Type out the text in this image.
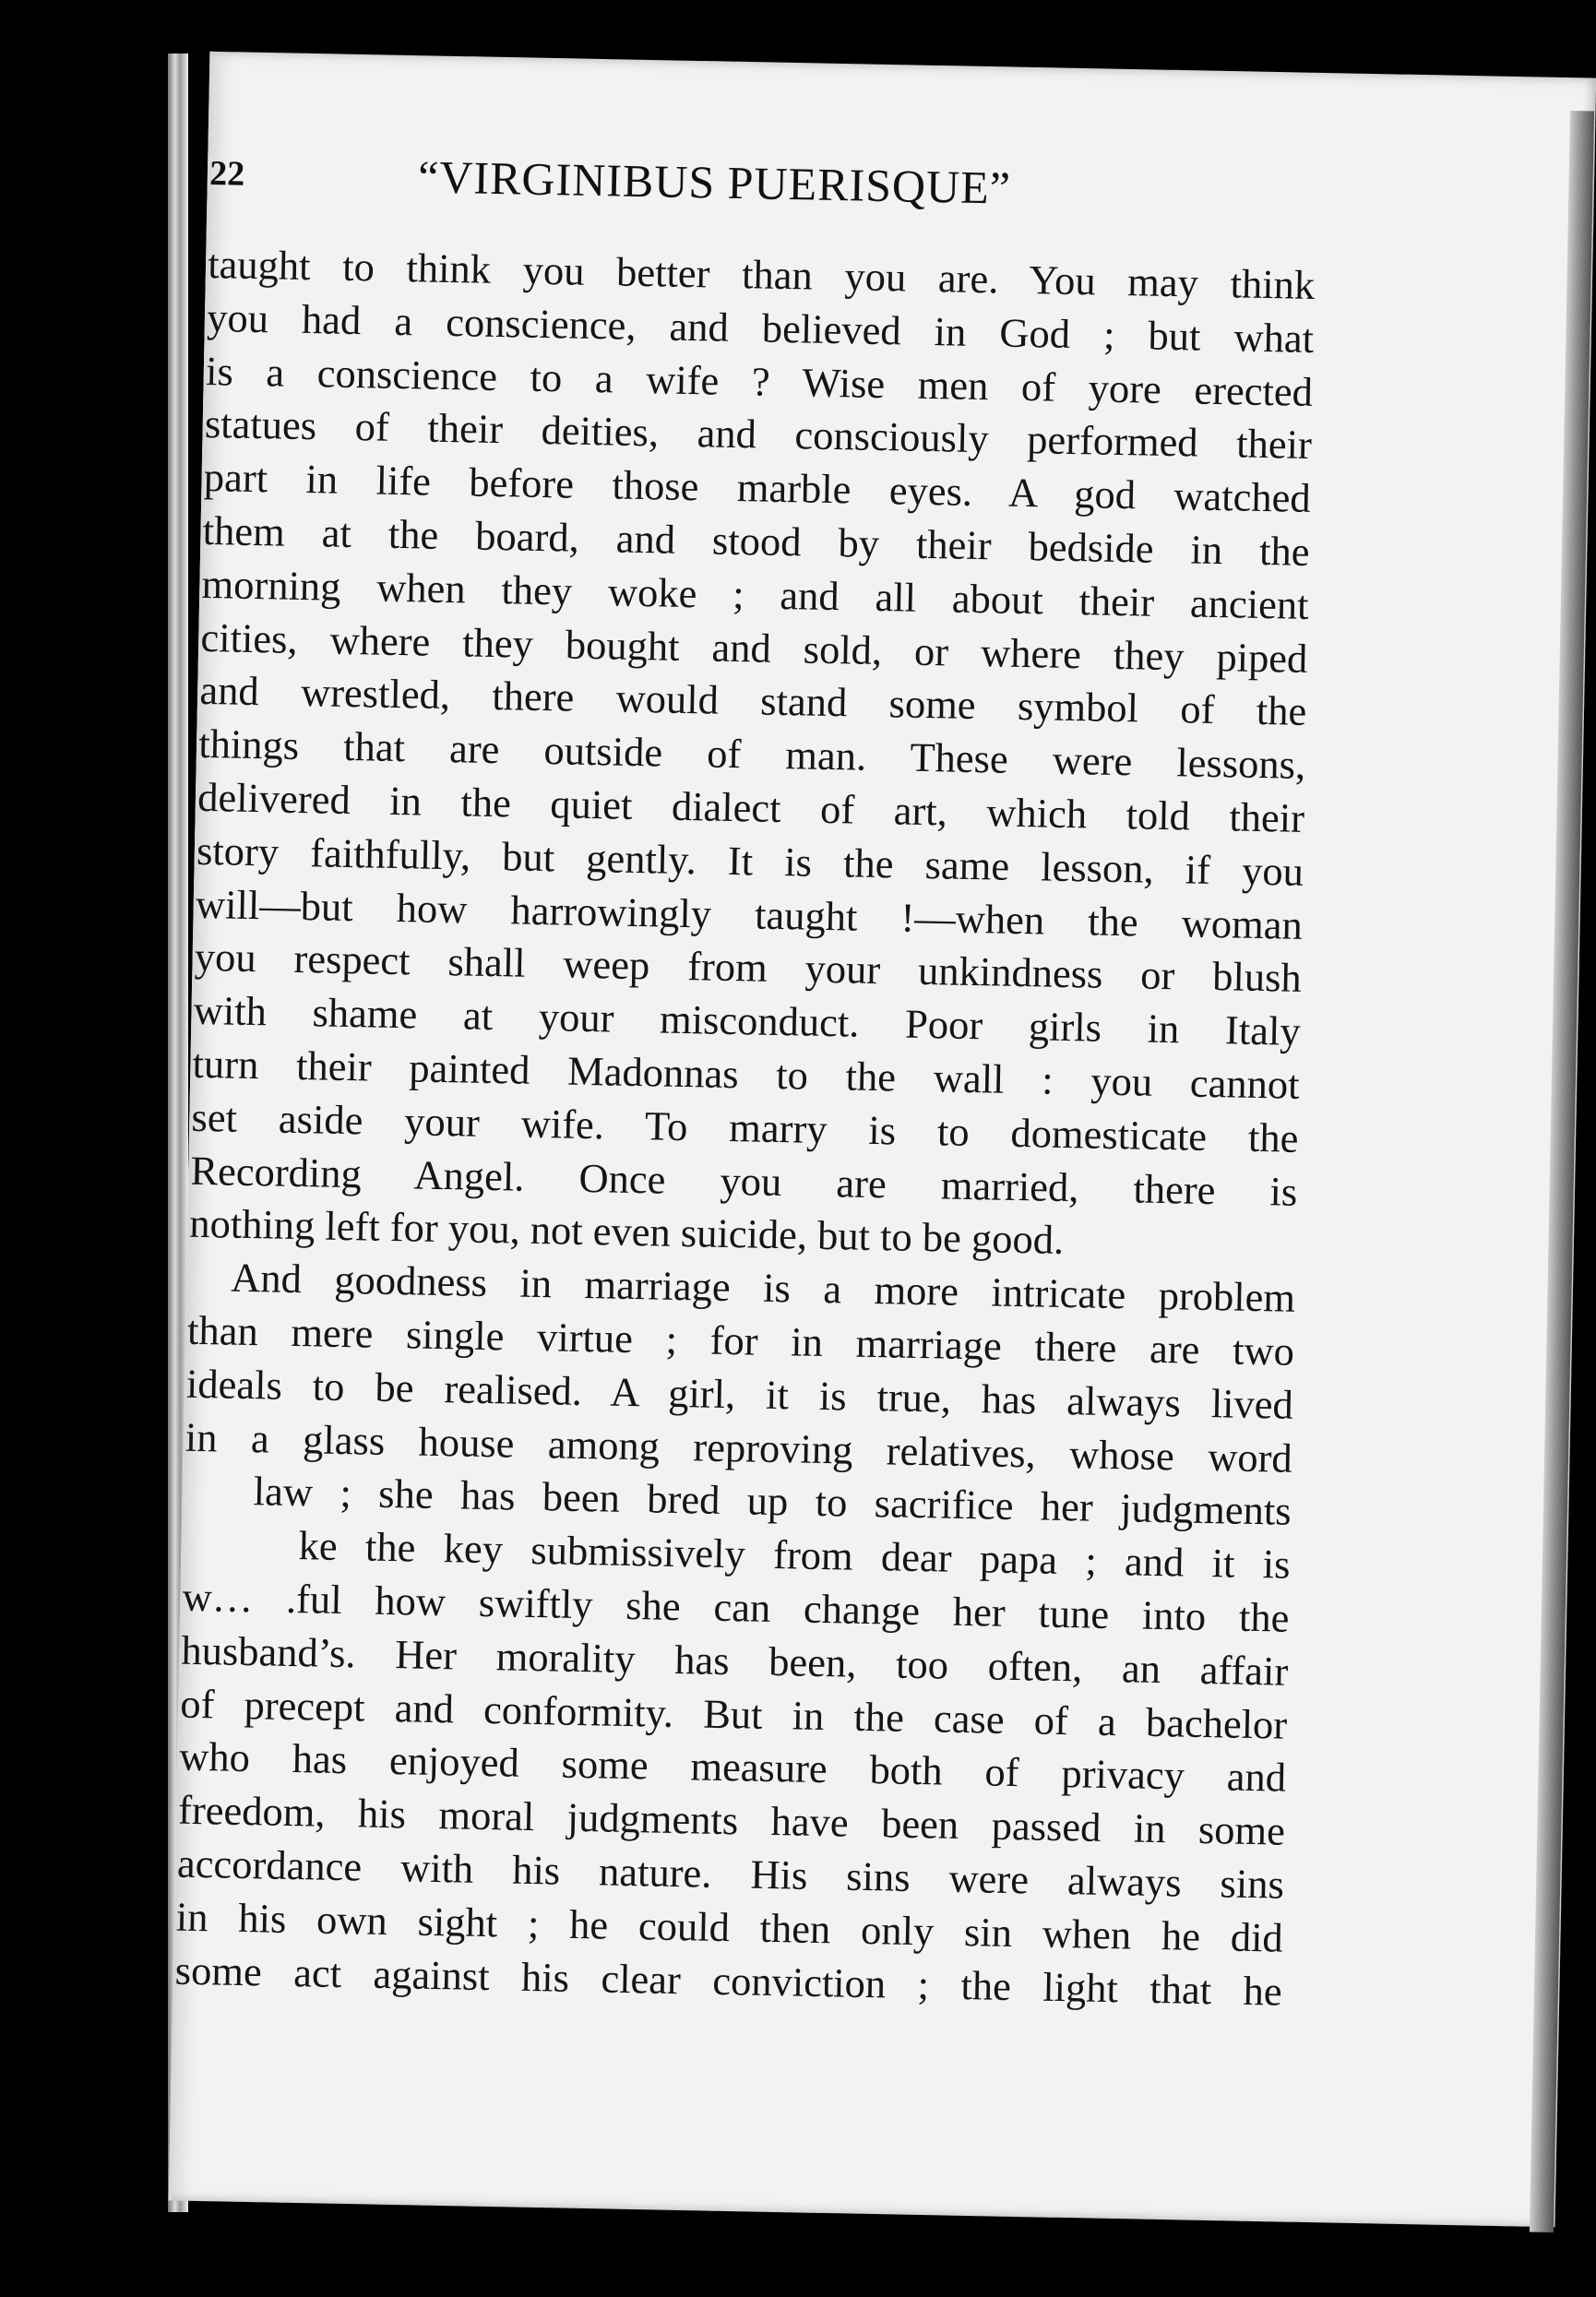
22	“VIRGINIBUS PUERISQUE”
taught to think you better than you are. You may think
you had a conscience, and believed in God ; but what
is a conscience to a wife ? Wise men of yore erected
statues of their deities, and consciously performed their
part in life before those marble eyes. A god watched
them at the board, and stood by their bedside in the
morning when they woke ; and all about their ancient
cities, where they bought and sold, or where they piped
and wrestled, there would stand some symbol of the
things that are outside of man. These were lessons,
delivered in the quiet dialect of art, which told their
story faithfully, but gently. It is the same lesson, if you
will—but how harrowingly taught !—when the woman
you respect shall weep from your unkindness or blush
with shame at your misconduct. Poor girls in Italy
turn their painted Madonnas to the wall : you cannot
set aside your wife. To marry is to domesticate the
Recording Angel. Once you are married, there is
nothing left for you, not even suicide, but to be good.
And goodness in marriage is a more intricate problem
than mere single virtue ; for in marriage there are two
ideals to be realised. A girl, it is true, has always lived
in a glass house among reproving relatives, whose word
law ; she has been bred up to sacrifice her judgments
ke the key submissively from dear papa ; and it is
w… .ful how swiftly she can change her tune into the
husband’s. Her morality has been, too often, an affair
of precept and conformity. But in the case of a bachelor
who has enjoyed some measure both of privacy and
freedom, his moral judgments have been passed in some
accordance with his nature. His sins were always sins
in his own sight ; he could then only sin when he did
some act against his clear conviction ; the light that he
